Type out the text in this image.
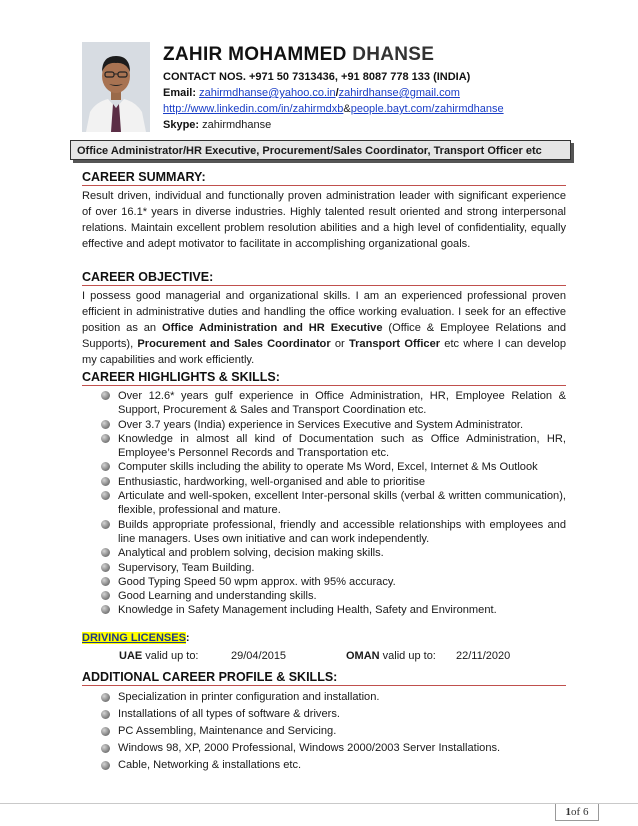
ZAHIR MOHAMMED DHANSE
CONTACT NOS. +971 50 7313436, +91 8087 778 133 (INDIA)
Email: zahirmdhanse@yahoo.co.in/zahirdhanse@gmail.com
http://www.linkedin.com/in/zahirmdxb&people.bayt.com/zahirmdhanse
Skype: zahirmdhanse
Office Administrator/HR Executive, Procurement/Sales Coordinator, Transport Officer etc
CAREER SUMMARY:
Result driven, individual and functionally proven administration leader with significant experience of over 16.1* years in diverse industries. Highly talented result oriented and strong interpersonal relations. Maintain excellent problem resolution abilities and a high level of confidentiality, equally effective and adept motivator to facilitate in accomplishing organizational goals.
CAREER OBJECTIVE:
I possess good managerial and organizational skills. I am an experienced professional proven efficient in administrative duties and handling the office working evaluation. I seek for an effective position as an Office Administration and HR Executive (Office & Employee Relations and Supports), Procurement and Sales Coordinator or Transport Officer etc where I can develop my capabilities and work efficiently.
CAREER HIGHLIGHTS & SKILLS:
Over 12.6* years gulf experience in Office Administration, HR, Employee Relation & Support, Procurement & Sales and Transport Coordination etc.
Over 3.7 years (India) experience in Services Executive and System Administrator.
Knowledge in almost all kind of Documentation such as Office Administration, HR, Employee’s Personnel Records and Transportation etc.
Computer skills including the ability to operate Ms Word, Excel, Internet & Ms Outlook
Enthusiastic, hardworking, well-organised and able to prioritise
Articulate and well-spoken, excellent Inter-personal skills (verbal & written communication), flexible, professional and mature.
Builds appropriate professional, friendly and accessible relationships with employees and line managers. Uses own initiative and can work independently.
Analytical and problem solving, decision making skills.
Supervisory, Team Building.
Good Typing Speed 50 wpm approx. with 95% accuracy.
Good Learning and understanding skills.
Knowledge in Safety Management including Health, Safety and Environment.
DRIVING LICENSES:
UAE valid up to:	29/04/2015	OMAN valid up to: 22/11/2020
ADDITIONAL CAREER PROFILE & SKILLS:
Specialization in printer configuration and installation.
Installations of all types of software & drivers.
PC Assembling, Maintenance and Servicing.
Windows 98, XP, 2000 Professional, Windows 2000/2003 Server Installations.
Cable, Networking & installations etc.
1of 6
